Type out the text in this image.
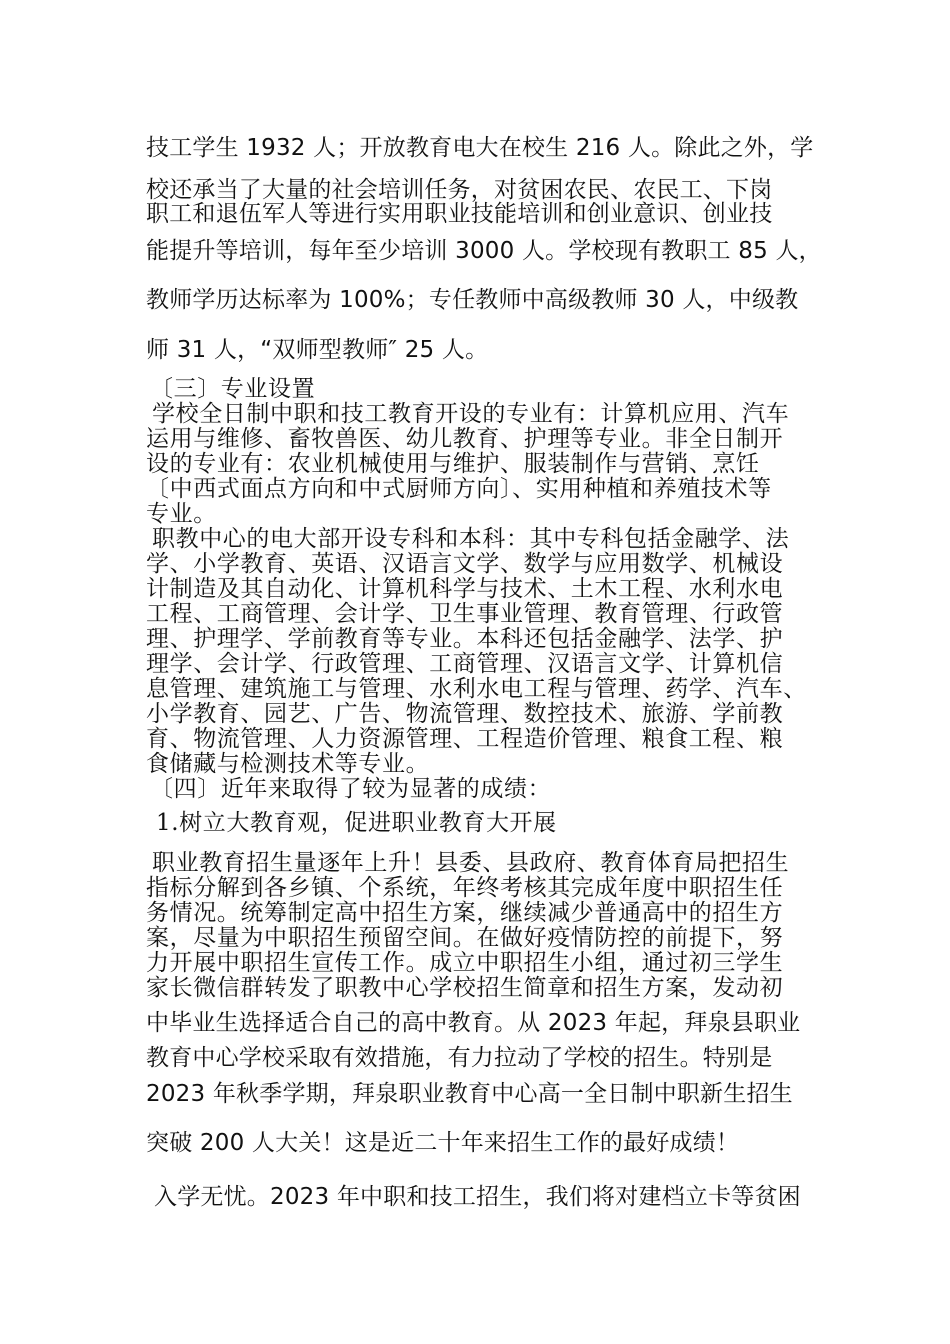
技工学生 1932 人；开放教育电大在校生 216 人。除此之外，学
校还承当了大量的社会培训任务，对贫困农民、农民工、下岗
职工和退伍军人等进行实用职业技能培训和创业意识、创业技
能提升等培训，每年至少培训 3000 人。学校现有教职工 85 人，
教师学历达标率为 100%；专任教师中高级教师 30 人，中级教
师 31 人，“双师型教师″ 25 人。
〔三〕专业设置
学校全日制中职和技工教育开设的专业有：计算机应用、汽车
运用与维修、畜牧兽医、幼儿教育、护理等专业。非全日制开
设的专业有：农业机械使用与维护、服装制作与营销、烹饪
〔中西式面点方向和中式厨师方向〕、实用种植和养殖技术等
专业。
职教中心的电大部开设专科和本科：其中专科包括金融学、法
学、小学教育、英语、汉语言文学、数学与应用数学、机械设
计制造及其自动化、计算机科学与技术、土木工程、水利水电
工程、工商管理、会计学、卫生事业管理、教育管理、行政管
理、护理学、学前教育等专业。本科还包括金融学、法学、护
理学、会计学、行政管理、工商管理、汉语言文学、计算机信
息管理、建筑施工与管理、水利水电工程与管理、药学、汽车、
小学教育、园艺、广告、物流管理、数控技术、旅游、学前教
育、物流管理、人力资源管理、工程造价管理、粮食工程、粮
食储藏与检测技术等专业。
〔四〕近年来取得了较为显著的成绩：
1.树立大教育观，促进职业教育大开展
职业教育招生量逐年上升！县委、县政府、教育体育局把招生
指标分解到各乡镇、个系统，年终考核其完成年度中职招生任
务情况。统筹制定高中招生方案，继续减少普通高中的招生方
案，尽量为中职招生预留空间。在做好疫情防控的前提下，努
力开展中职招生宣传工作。成立中职招生小组，通过初三学生
家长微信群转发了职教中心学校招生简章和招生方案，发动初
中毕业生选择适合自己的高中教育。从 2023 年起，拜泉县职业
教育中心学校采取有效措施，有力拉动了学校的招生。特别是
2023 年秋季学期，拜泉职业教育中心高一全日制中职新生招生
突破 200 人大关！这是近二十年来招生工作的最好成绩！
入学无忧。2023 年中职和技工招生，我们将对建档立卡等贫困
